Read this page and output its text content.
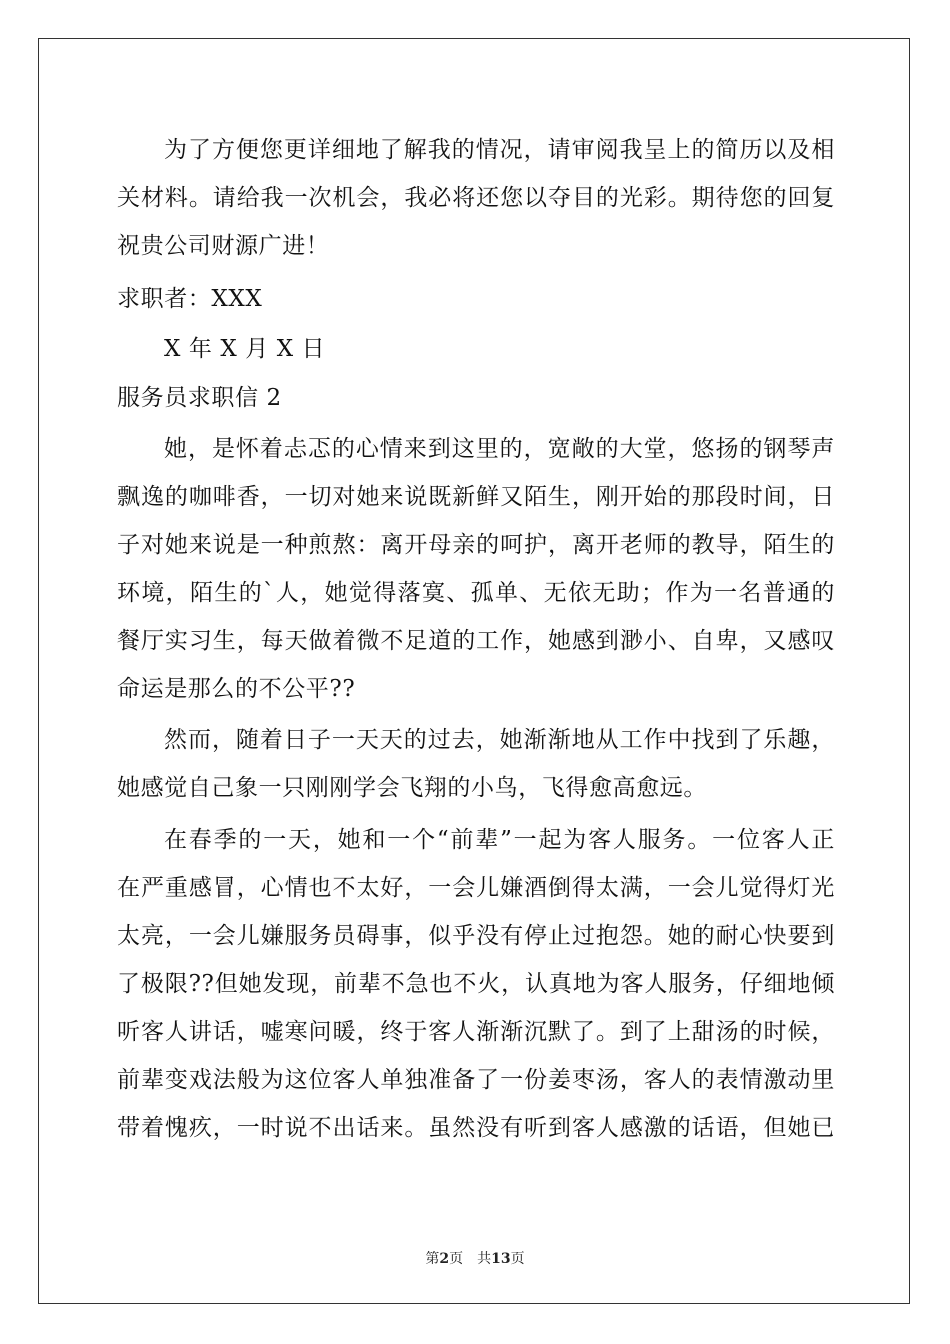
为了方便您更详细地了解我的情况，请审阅我呈上的简历以及相
关材料。请给我一次机会，我必将还您以夺目的光彩。期待您的回复
祝贵公司财源广进！
求职者：XXX
X 年 X 月 X 日
服务员求职信 2
她，是怀着忐忑的心情来到这里的，宽敞的大堂，悠扬的钢琴声
飘逸的咖啡香，一切对她来说既新鲜又陌生，刚开始的那段时间，日
子对她来说是一种煎熬：离开母亲的呵护，离开老师的教导，陌生的
环境，陌生的`人，她觉得落寞、孤单、无依无助；作为一名普通的
餐厅实习生，每天做着微不足道的工作，她感到渺小、自卑，又感叹
命运是那么的不公平??
然而，随着日子一天天的过去，她渐渐地从工作中找到了乐趣，
她感觉自己象一只刚刚学会飞翔的小鸟，飞得愈高愈远。
在春季的一天，她和一个“前辈”一起为客人服务。一位客人正
在严重感冒，心情也不太好，一会儿嫌酒倒得太满，一会儿觉得灯光
太亮，一会儿嫌服务员碍事，似乎没有停止过抱怨。她的耐心快要到
了极限??但她发现，前辈不急也不火，认真地为客人服务，仔细地倾
听客人讲话，嘘寒问暖，终于客人渐渐沉默了。到了上甜汤的时候，
前辈变戏法般为这位客人单独准备了一份姜枣汤，客人的表情激动里
带着愧疚，一时说不出话来。虽然没有听到客人感激的话语，但她已
第2页　共13页
